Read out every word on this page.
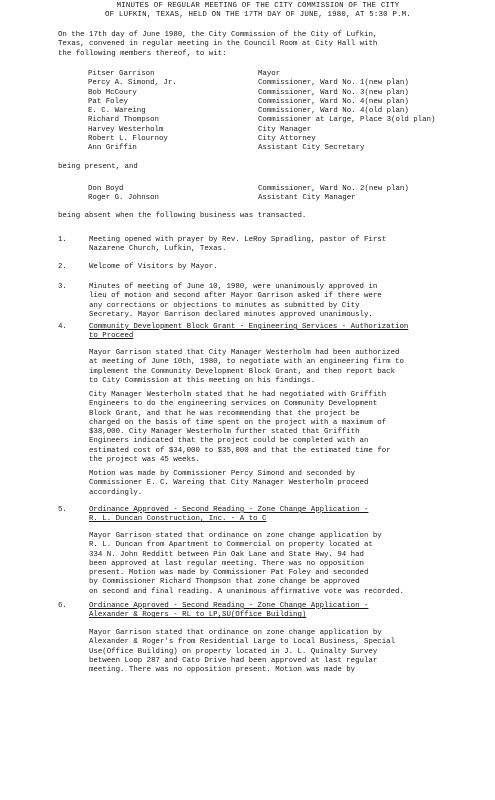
MINUTES OF REGULAR MEETING OF THE CITY COMMISSION OF THE CITY
OF LUFKIN, TEXAS, HELD ON THE 17TH DAY OF JUNE, 1980, AT 5:30 P.M.
On the 17th day of June 1980, the City Commission of the City of Lufkin,
Texas, convened in regular meeting in the Council Room at City Hall with
the following members thereof, to wit:
Pitser Garrison	Mayor
Percy A. Simond, Jr.	Commissioner, Ward No. 1(new plan)
Bob McCoury	Commissioner, Ward No. 3(new plan)
Pat Foley	Commissioner, Ward No. 4(new plan)
E. C. Wareing	Commissioner, Ward No. 4(old plan)
Richard Thompson	Commissioner at Large, Place 3(old plan)
Harvey Westerholm	City Manager
Robert L. Flournoy	City Attorney
Ann Griffin	Assistant City Secretary
being present, and
Don Boyd	Commissioner, Ward No. 2(new plan)
Roger G. Johnson	Assistant City Manager
being absent when the following business was transacted.
1.	Meeting opened with prayer by Rev. LeRoy Spradling, pastor of First
Nazarene Church, Lufkin, Texas.
2.	Welcome of Visitors by Mayor.
3.	Minutes of meeting of June 10, 1980, were unanimously approved in
lieu of motion and second after Mayor Garrison asked if there were
any corrections or objections to minutes as submitted by City
Secretary. Mayor Garrison declared minutes approved unanimously.
4.	Community Development Block Grant - Engineering Services - Authorization
to Proceed
Mayor Garrison stated that City Manager Westerholm had been authorized
at meeting of June 10th, 1980, to negotiate with an engineering firm to
implement the Community Development Block Grant, and then report back
to City Commission at this meeting on his findings.
City Manager Westerholm stated that he had negotiated with Griffith
Engineers to do the engineering services on Community Development
Block Grant, and that he was recommending that the project be
charged on the basis of time spent on the project with a maximum of
$38,000. City Manager Westerholm further stated that Griffith
Engineers indicated that the project could be completed with an
estimated cost of $34,000 to $35,000 and that the estimated time for
the project was 45 weeks.
Motion was made by Commissioner Percy Simond and seconded by
Commissioner E. C. Wareing that City Manager Westerholm proceed
accordingly.
5.	Ordinance Approved - Second Reading - Zone Change Application -
R. L. Duncan Construction, Inc. - A to C
Mayor Garrison stated that ordinance on zone change application by
R. L. Duncan from Apartment to Commercial on property located at
334 N. John Redditt between Pin Oak Lane and State Hwy. 94 had
been approved at last regular meeting. There was no opposition
present. Motion was made by Commissioner Pat Foley and seconded
by Commissioner Richard Thompson that zone change be approved
on second and final reading. A unanimous affirmative vote was recorded.
6.	Ordinance Approved - Second Reading - Zone Change Application -
Alexander & Rogers - RL to LP,SU(Office Building)
Mayor Garrison stated that ordinance on zone change application by
Alexander & Roger's from Residential Large to Local Business, Special
Use(Office Building) on property located in J. L. Quinalty Survey
between Loop 287 and Cato Drive had been approved at last regular
meeting. There was no opposition present. Motion was made by
